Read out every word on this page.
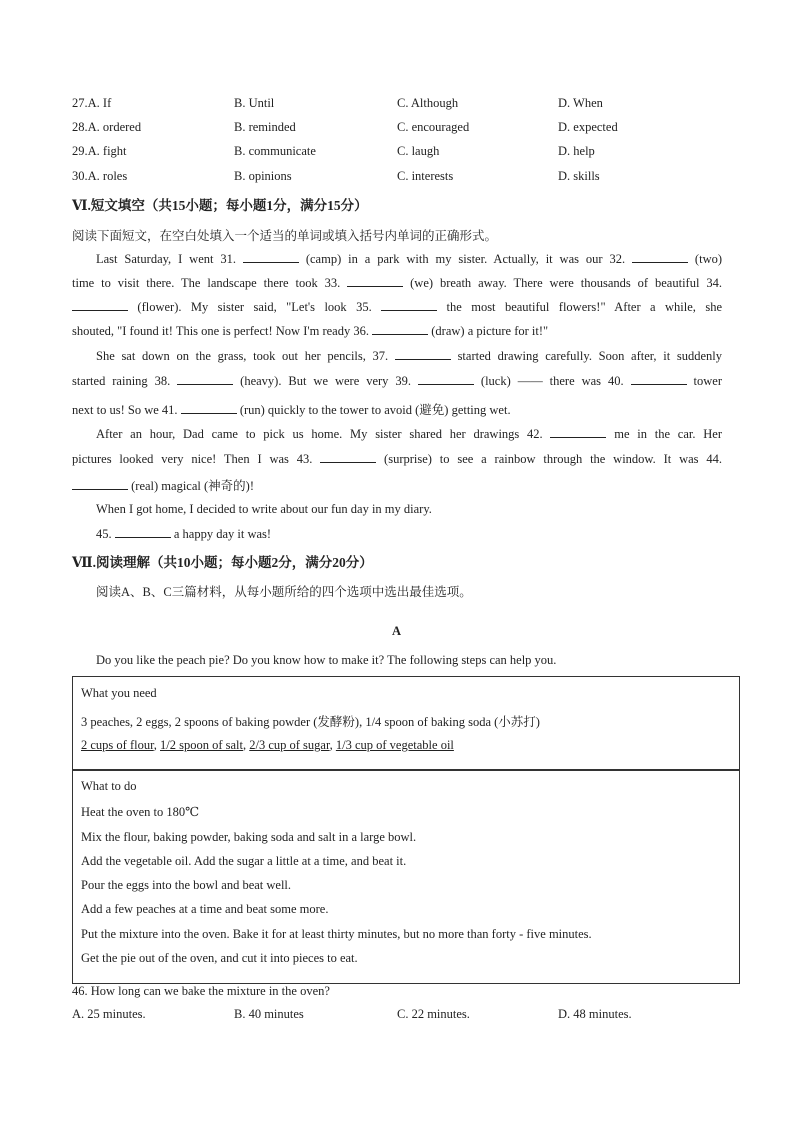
27.A. If	B. Until	C. Although	D. When
28.A. ordered	B. reminded	C. encouraged	D. expected
29.A. fight	B. communicate	C. laugh	D. help
30.A. roles	B. opinions	C. interests	D. skills
Ⅵ.短文填空（共15小题；每小题1分，满分15分）
阅读下面短文，在空白处填入一个适当的单词或填入括号内单词的正确形式。
Last Saturday, I went 31.	(camp) in a park with my sister. Actually, it was our 32.	(two)
time to visit there. The landscape there took 33.	(we) breath away. There were thousands of beautiful 34.
(flower). My sister said, "Let's look 35.	the most beautiful flowers!" After a while, she
shouted, "I found it! This one is perfect! Now I'm ready 36.	(draw) a picture for it!"
She sat down on the grass, took out her pencils, 37.	started drawing carefully. Soon after, it suddenly
started raining 38.	(heavy). But we were very 39.	(luck) —— there was 40.	tower
next to us! So we 41.	(run) quickly to the tower to avoid (避免) getting wet.
After an hour, Dad came to pick us home. My sister shared her drawings 42.	me in the car. Her
pictures looked very nice! Then I was 43.	(surprise) to see a rainbow through the window. It was 44.
(real) magical (神奇的)!
When I got home, I decided to write about our fun day in my diary.
45.	a happy day it was!
Ⅶ.阅读理解（共10小题；每小题2分，满分20分）
阅读A、B、C三篇材料，从每小题所给的四个选项中选出最佳选项。
A
Do you like the peach pie? Do you know how to make it? The following steps can help you.
What you need
3 peaches, 2 eggs, 2 spoons of baking powder (发酵粉), 1/4 spoon of baking soda (小苏打)
2 cups of flour, 1/2 spoon of salt, 2/3 cup of sugar, 1/3 cup of vegetable oil
What to do
Heat the oven to 180℃
Mix the flour, baking powder, baking soda and salt in a large bowl.
Add the vegetable oil. Add the sugar a little at a time, and beat it.
Pour the eggs into the bowl and beat well.
Add a few peaches at a time and beat some more.
Put the mixture into the oven. Bake it for at least thirty minutes, but no more than forty - five minutes.
Get the pie out of the oven, and cut it into pieces to eat.
46. How long can we bake the mixture in the oven?
A. 25 minutes.	B. 40 minutes	C. 22 minutes.	D. 48 minutes.
